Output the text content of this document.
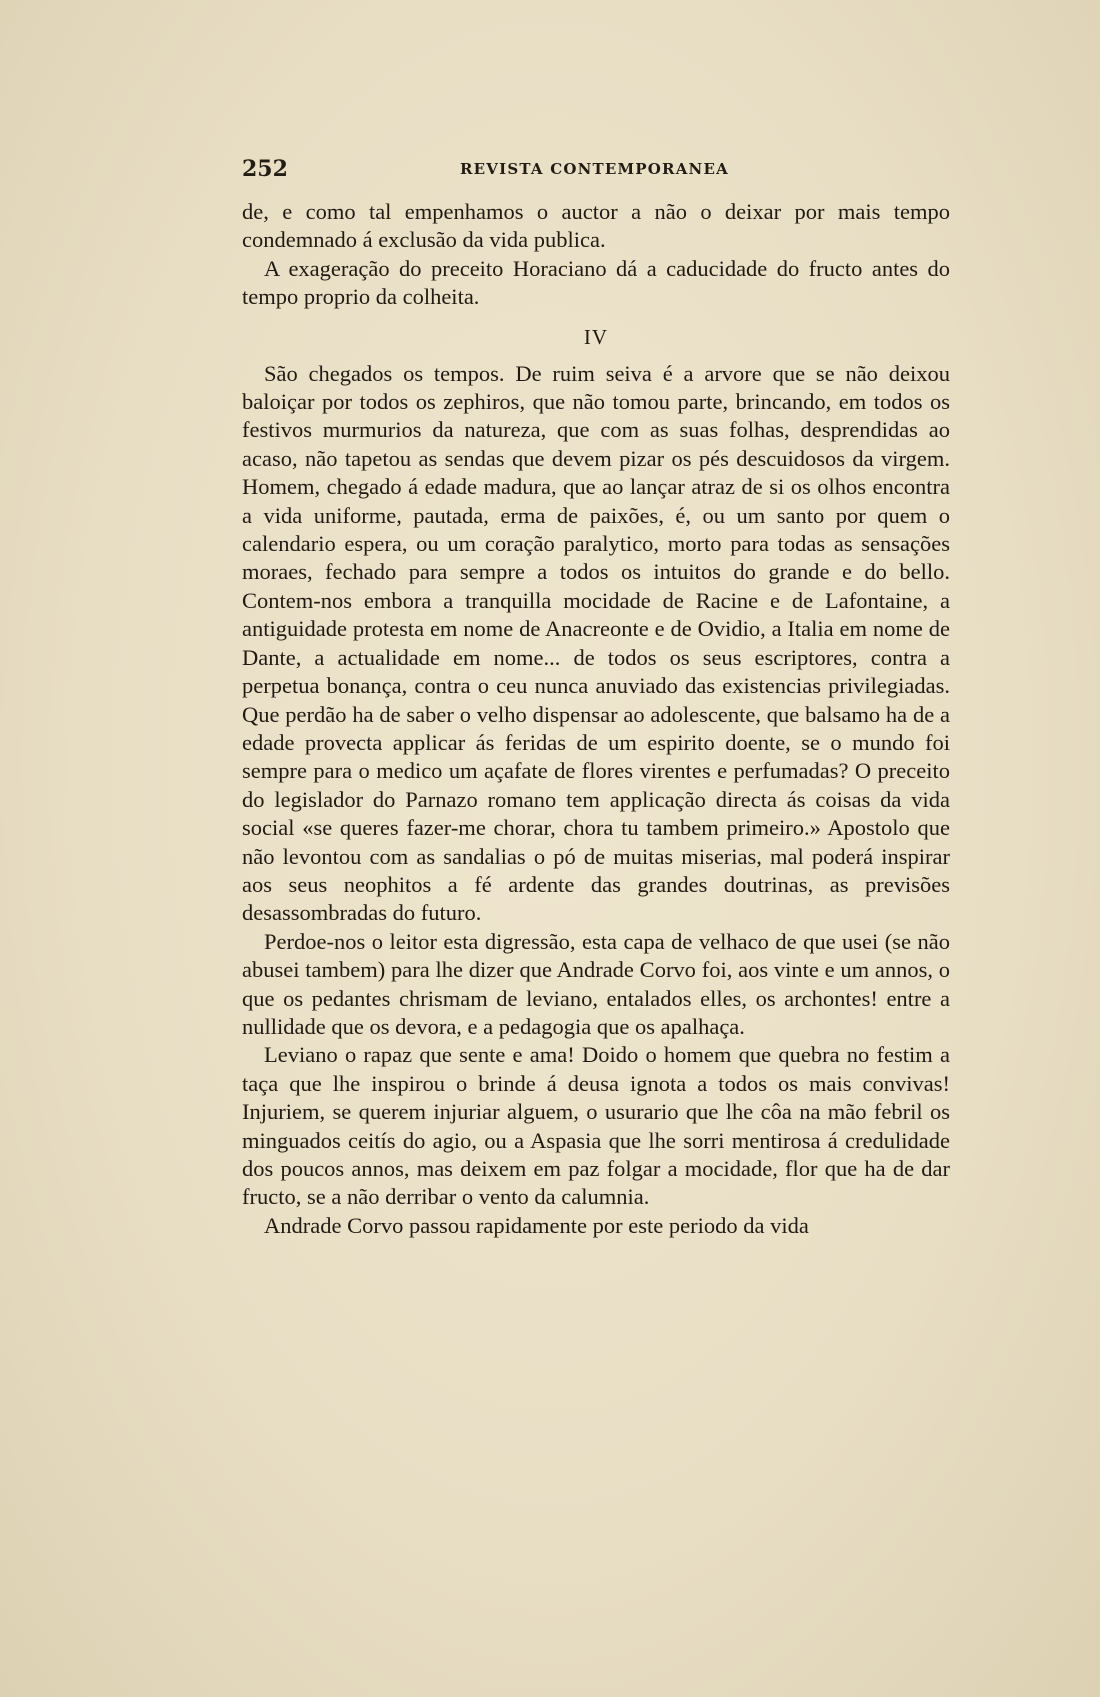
252	REVISTA CONTEMPORANEA

de, e como tal empenhamos o auctor a não o deixar por mais tempo condemnado á exclusão da vida publica.

A exageração do preceito Horaciano dá a caducidade do fructo antes do tempo proprio da colheita.

IV

São chegados os tempos. De ruim seiva é a arvore que se não deixou baloiçar por todos os zephiros, que não tomou parte, brincando, em todos os festivos murmurios da natureza, que com as suas folhas, desprendidas ao acaso, não tapetou as sendas que devem pizar os pés descuidosos da virgem. Homem, chegado á edade madura, que ao lançar atraz de si os olhos encontra a vida uniforme, pautada, erma de paixões, é, ou um santo por quem o calendario espera, ou um coração paralytico, morto para todas as sensações moraes, fechado para sempre a todos os intuitos do grande e do bello. Contem-nos embora a tranquilla mocidade de Racine e de Lafontaine, a antiguidade protesta em nome de Anacreonte e de Ovidio, a Italia em nome de Dante, a actualidade em nome... de todos os seus escriptores, contra a perpetua bonança, contra o ceu nunca anuviado das existencias privilegiadas. Que perdão ha de saber o velho dispensar ao adolescente, que balsamo ha de a edade provecta applicar ás feridas de um espirito doente, se o mundo foi sempre para o medico um açafate de flores virentes e perfumadas? O preceito do legislador do Parnazo romano tem applicação directa ás coisas da vida social «se queres fazer-me chorar, chora tu tambem primeiro.» Apostolo que não levontou com as sandalias o pó de muitas miserias, mal poderá inspirar aos seus neophitos a fé ardente das grandes doutrinas, as previsões desassombradas do futuro.

Perdoe-nos o leitor esta digressão, esta capa de velhaco de que usei (se não abusei tambem) para lhe dizer que Andrade Corvo foi, aos vinte e um annos, o que os pedantes chrismam de leviano, entalados elles, os archontes! entre a nullidade que os devora, e a pedagogia que os apalhaça.

Leviano o rapaz que sente e ama! Doido o homem que quebra no festim a taça que lhe inspirou o brinde á deusa ignota a todos os mais convivas! Injuriem, se querem injuriar alguem, o usurario que lhe côa na mão febril os minguados ceitís do agio, ou a Aspasia que lhe sorri mentirosa á credulidade dos poucos annos, mas deixem em paz folgar a mocidade, flor que ha de dar fructo, se a não derribar o vento da calumnia.

Andrade Corvo passou rapidamente por este periodo da vida
